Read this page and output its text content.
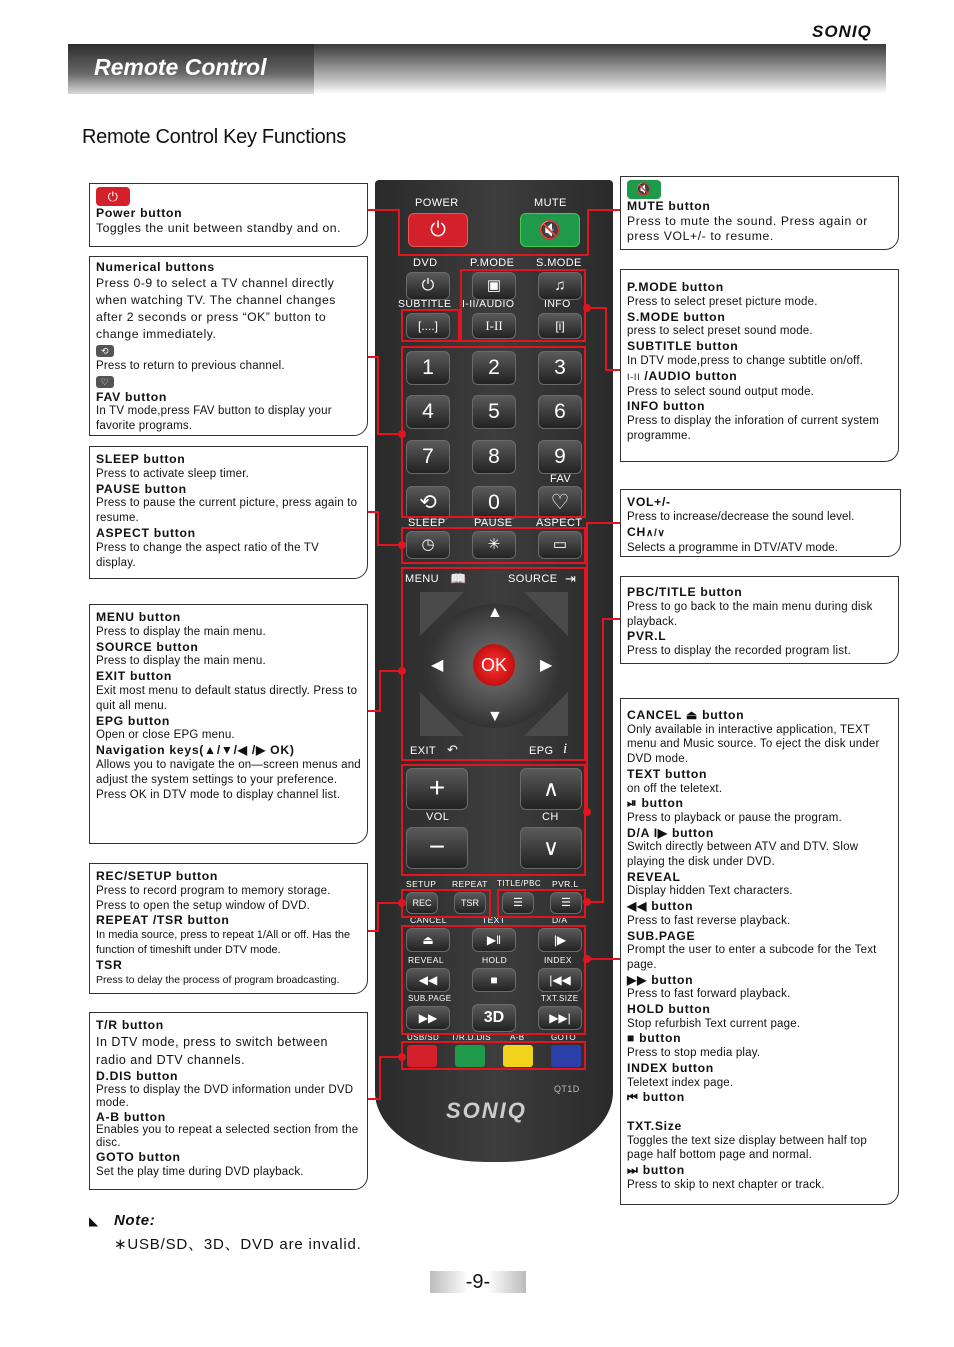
SONIQ
Remote Control
Remote Control Key Functions
⏻
Power button
Toggles the unit between standby and on.
Numerical buttons
Press 0-9 to select a TV channel directly when watching TV. The channel changes after 2 seconds or press “OK” button to change immediately.
⟲
Press to return to previous channel.
♡
FAV button
In TV mode,press FAV button to display your favorite programs.
SLEEP button
Press to activate sleep timer.
PAUSE button
Press to pause the current picture, press again to resume.
ASPECT button
Press to change the aspect ratio of the TV display.
MENU button
Press to display the main menu.
SOURCE button
Press to display the main menu.
EXIT button
Exit most menu to default status directly. Press to quit all menu.
EPG button
Open or close EPG menu.
Navigation keys(▲/▼/◀ /▶ OK)
Allows you to navigate the on—screen menus and adjust the system settings to your preference. Press OK in DTV mode to display channel list.
REC/SETUP button
Press to record program to memory storage. Press to open the setup window of DVD.
REPEAT /TSR button
In media source, press to repeat 1/All or off. Has the function of timeshift under DTV mode.
TSR
Press to delay the process of program broadcasting.
T/R button
In DTV mode, press to switch between radio and DTV channels.
D.DIS button
Press to display the DVD information under DVD mode.
A-B button
Enables you to repeat a selected section from the disc.
GOTO button
Set the play time during DVD playback.
🔇
MUTE button
Press to mute the sound. Press again or press VOL+/- to resume.
P.MODE button
Press to select preset picture mode.
S.MODE button
press to select preset sound mode.
SUBTITLE button
In DTV mode,press to change subtitle on/off.
I-II /AUDIO button
Press to select sound output mode.
INFO button
Press to display the inforation of current system programme.
VOL+/-
Press to increase/decrease the sound level.
CH∧/∨
Selects a programme in DTV/ATV mode.
PBC/TITLE button
Press to go back to the main menu during disk playback.
PVR.L
Press to display the recorded program list.
CANCEL ⏏ button
Only available in interactive application, TEXT menu and Music source. To eject the disk under DVD mode.
TEXT button
on off the teletext.
⏯ button
Press to playback or pause the program.
D/A I▶ button
Switch directly between ATV and DTV. Slow playing the disk under DVD.
REVEAL
Display hidden Text characters.
◀◀ button
Press to fast reverse playback.
SUB.PAGE
Prompt the user to enter a subcode for the Text page.
▶▶ button
Press to fast forward playback.
HOLD button
Stop refurbish Text current page.
■ button
Press to stop media play.
INDEX button
Teletext index page.
⏮ button
TXT.Size
Toggles the text size display between half top page half bottom page and normal.
⏭ button
Press to skip to next chapter or track.
POWER	MUTE
⏻	🔇
DVD	P.MODE S.MODE
⏻	▣	♫
SUBTITLE I-II/AUDIO	INFO
[....]	I-II	[i]
1	2	3
4	5	6
7	8	9
FAV
⟲	0	♡
SLEEP	PAUSE ASPECT
◷	✳	▭
MENU 📖	SOURCE ⇥
▲
▼
◀	▶
OK
EXIT ↶	EPG i
+	∧
VOL	CH
−	∨
SETUP REPEAT TITLE/PBC PVR.L
REC	TSR	☰	☰
CANCEL	TEXT	D/A
⏏	▶‖	|▶
REVEAL	HOLD	INDEX
◀◀	■	|◀◀
SUB.PAGE	TXT.SIZE
▶▶	3D	▶▶|
USB/SD T/R.D.DIS A-B	GOTO
QT1D
SONIQ
◣ Note:
∗USB/SD、3D、DVD are invalid.
-9-
